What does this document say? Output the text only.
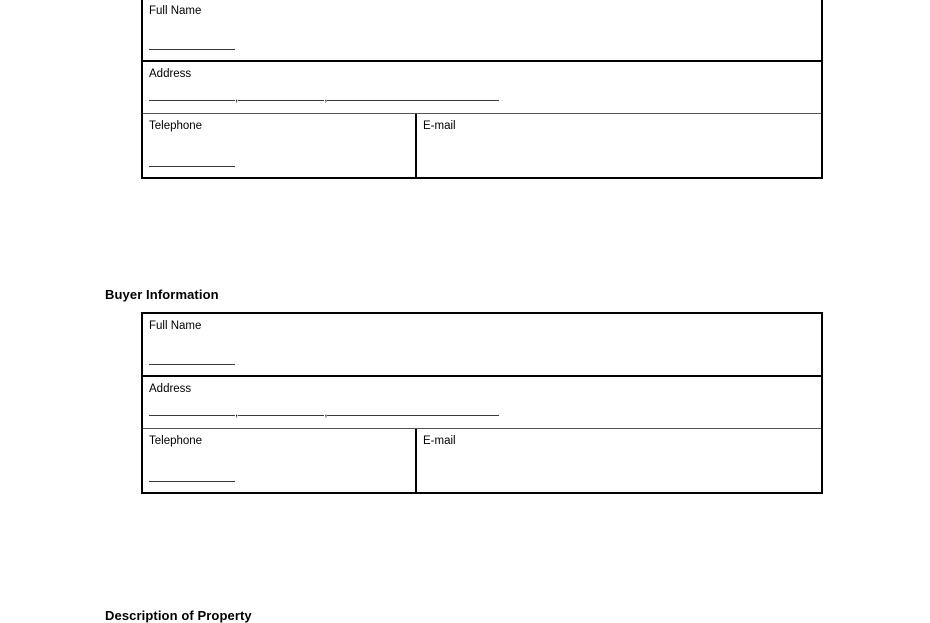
Full Name
Address
,	,
Telephone	E-mail
Buyer Information
Full Name
Address
,	,
Telephone	E-mail
Description of Property
